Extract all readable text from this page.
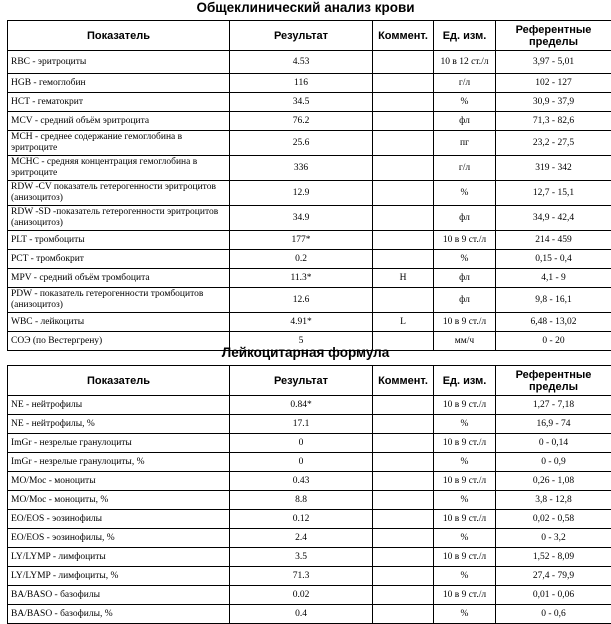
Общеклинический анализ крови
Показатель	Результат	Коммент.	Ед. изм.	Референтные пределы
RBC - эритроциты	4.53		10 в 12 ст./л	3,97 - 5,01
HGB - гемоглобин	116		г/л	102 - 127
HCT - гематокрит	34.5		%	30,9 - 37,9
MCV - средний объём эритроцита	76.2		фл	71,3 - 82,6
MCH - среднее содержание гемоглобина в эритроците	25.6		пг	23,2 - 27,5
MCHC - средняя концентрация гемоглобина в эритроците	336		г/л	319 - 342
RDW -CV показатель гетерогенности эритроцитов (анизоцитоз)	12.9		%	12,7 - 15,1
RDW -SD -показатель гетерогенности эритроцитов (анизоцитоз)	34.9		фл	34,9 - 42,4
PLT - тромбоциты	177*		10 в 9 ст./л	214 - 459
PCT - тромбокрит	0.2		%	0,15 - 0,4
MPV - средний объём тромбоцита	11.3*	H	фл	4,1 - 9
PDW - показатель гетерогенности тромбоцитов (анизоцитоз)	12.6		фл	9,8 - 16,1
WBC - лейкоциты	4.91*	L	10 в 9 ст./л	6,48 - 13,02
СОЭ (по Вестергрену)	5		мм/ч	0 - 20
Лейкоцитарная формула
Показатель	Результат	Коммент.	Ед. изм.	Референтные пределы
NE - нейтрофилы	0.84*		10 в 9 ст./л	1,27 - 7,18
NE - нейтрофилы, %	17.1		%	16,9 - 74
ImGr - незрелые гранулоциты	0		10 в 9 ст./л	0 - 0,14
ImGr - незрелые гранулоциты, %	0		%	0 - 0,9
MO/Moc - моноциты	0.43		10 в 9 ст./л	0,26 - 1,08
MO/Moc - моноциты, %	8.8		%	3,8 - 12,8
EO/EOS - эозинофилы	0.12		10 в 9 ст./л	0,02 - 0,58
EO/EOS - эозинофилы, %	2.4		%	0 - 3,2
LY/LYMP - лимфоциты	3.5		10 в 9 ст./л	1,52 - 8,09
LY/LYMP - лимфоциты, %	71.3		%	27,4 - 79,9
BA/BASO - базофилы	0.02		10 в 9 ст./л	0,01 - 0,06
BA/BASO - базофилы, %	0.4		%	0 - 0,6
